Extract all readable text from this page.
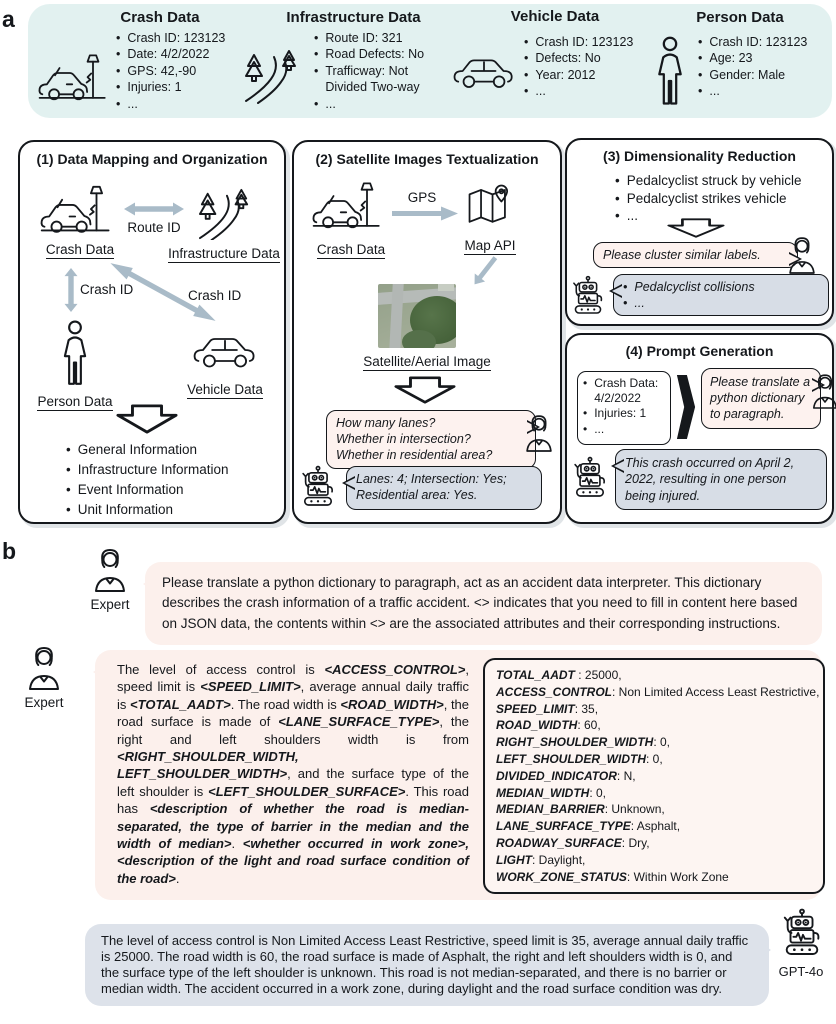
a	Crash Data
• Crash ID: 123123
• Date: 4/2/2022
• GPS: 42,-90
• Injuries: 1
• ...
Infrastructure Data
• Route ID: 321
• Road Defects: No
• Trafficway: Not Divided Two-way
• ...
Vehicle Data
• Crash ID: 123123
• Defects: No
• Year: 2012
• ...
Person Data
• Crash ID: 123123
• Age: 23
• Gender: Male
• ...
(1) Data Mapping and Organization
Crash Data	Infrastructure Data
Route ID
Crash ID	Crash ID
Person Data
Vehicle Data
• General Information
• Infrastructure Information
• Event Information
• Unit Information
(2) Satellite Images Textualization
Crash Data
GPS
Map API
Satellite/Aerial Image
How many lanes?
Whether in intersection?
Whether in residential area?
Lanes: 4; Intersection: Yes;
Residential area: Yes.
(3) Dimensionality Reduction
• Pedalcyclist struck by vehicle
• Pedalcyclist strikes vehicle
• ...
Please cluster similar labels.
• Pedalcyclist collisions
• ...
(4) Prompt Generation
• Crash Data: 4/2/2022
• Injuries: 1
• ...
Please translate a python dictionary to paragraph.
This crash occurred on April 2, 2022, resulting in one person being injured.
b
Expert
Please translate a python dictionary to paragraph, act as an accident data interpreter. This dictionary describes the crash information of a traffic accident. <> indicates that you need to fill in content here based on JSON data, the contents within <> are the associated attributes and their corresponding instructions.
Expert
The level of access control is <ACCESS_CONTROL>, speed limit is <SPEED_LIMIT>, average annual daily traffic is <TOTAL_AADT>. The road width is <ROAD_WIDTH>, the road surface is made of <LANE_SURFACE_TYPE>, the right and left shoulders width is from <RIGHT_SHOULDER_WIDTH, LEFT_SHOULDER_WIDTH>, and the surface type of the left shoulder is <LEFT_SHOULDER_SURFACE>. This road has <description of whether the road is median-separated, the type of barrier in the median and the width of median>. <whether occurred in work zone>, <description of the light and road surface condition of the road>.
TOTAL_AADT : 25000,
ACCESS_CONTROL: Non Limited Access Least Restrictive,
SPEED_LIMIT: 35,
ROAD_WIDTH: 60,
RIGHT_SHOULDER_WIDTH: 0,
LEFT_SHOULDER_WIDTH: 0,
DIVIDED_INDICATOR: N,
MEDIAN_WIDTH: 0,
MEDIAN_BARRIER: Unknown,
LANE_SURFACE_TYPE: Asphalt,
ROADWAY_SURFACE: Dry,
LIGHT: Daylight,
WORK_ZONE_STATUS: Within Work Zone
The level of access control is Non Limited Access Least Restrictive, speed limit is 35, average annual daily traffic is 25000. The road width is 60, the road surface is made of Asphalt, the right and left shoulders width is 0, and the surface type of the left shoulder is unknown. This road is not median-separated, and there is no barrier or median width. The accident occurred in a work zone, during daylight and the road surface condition was dry.
GPT-4o
